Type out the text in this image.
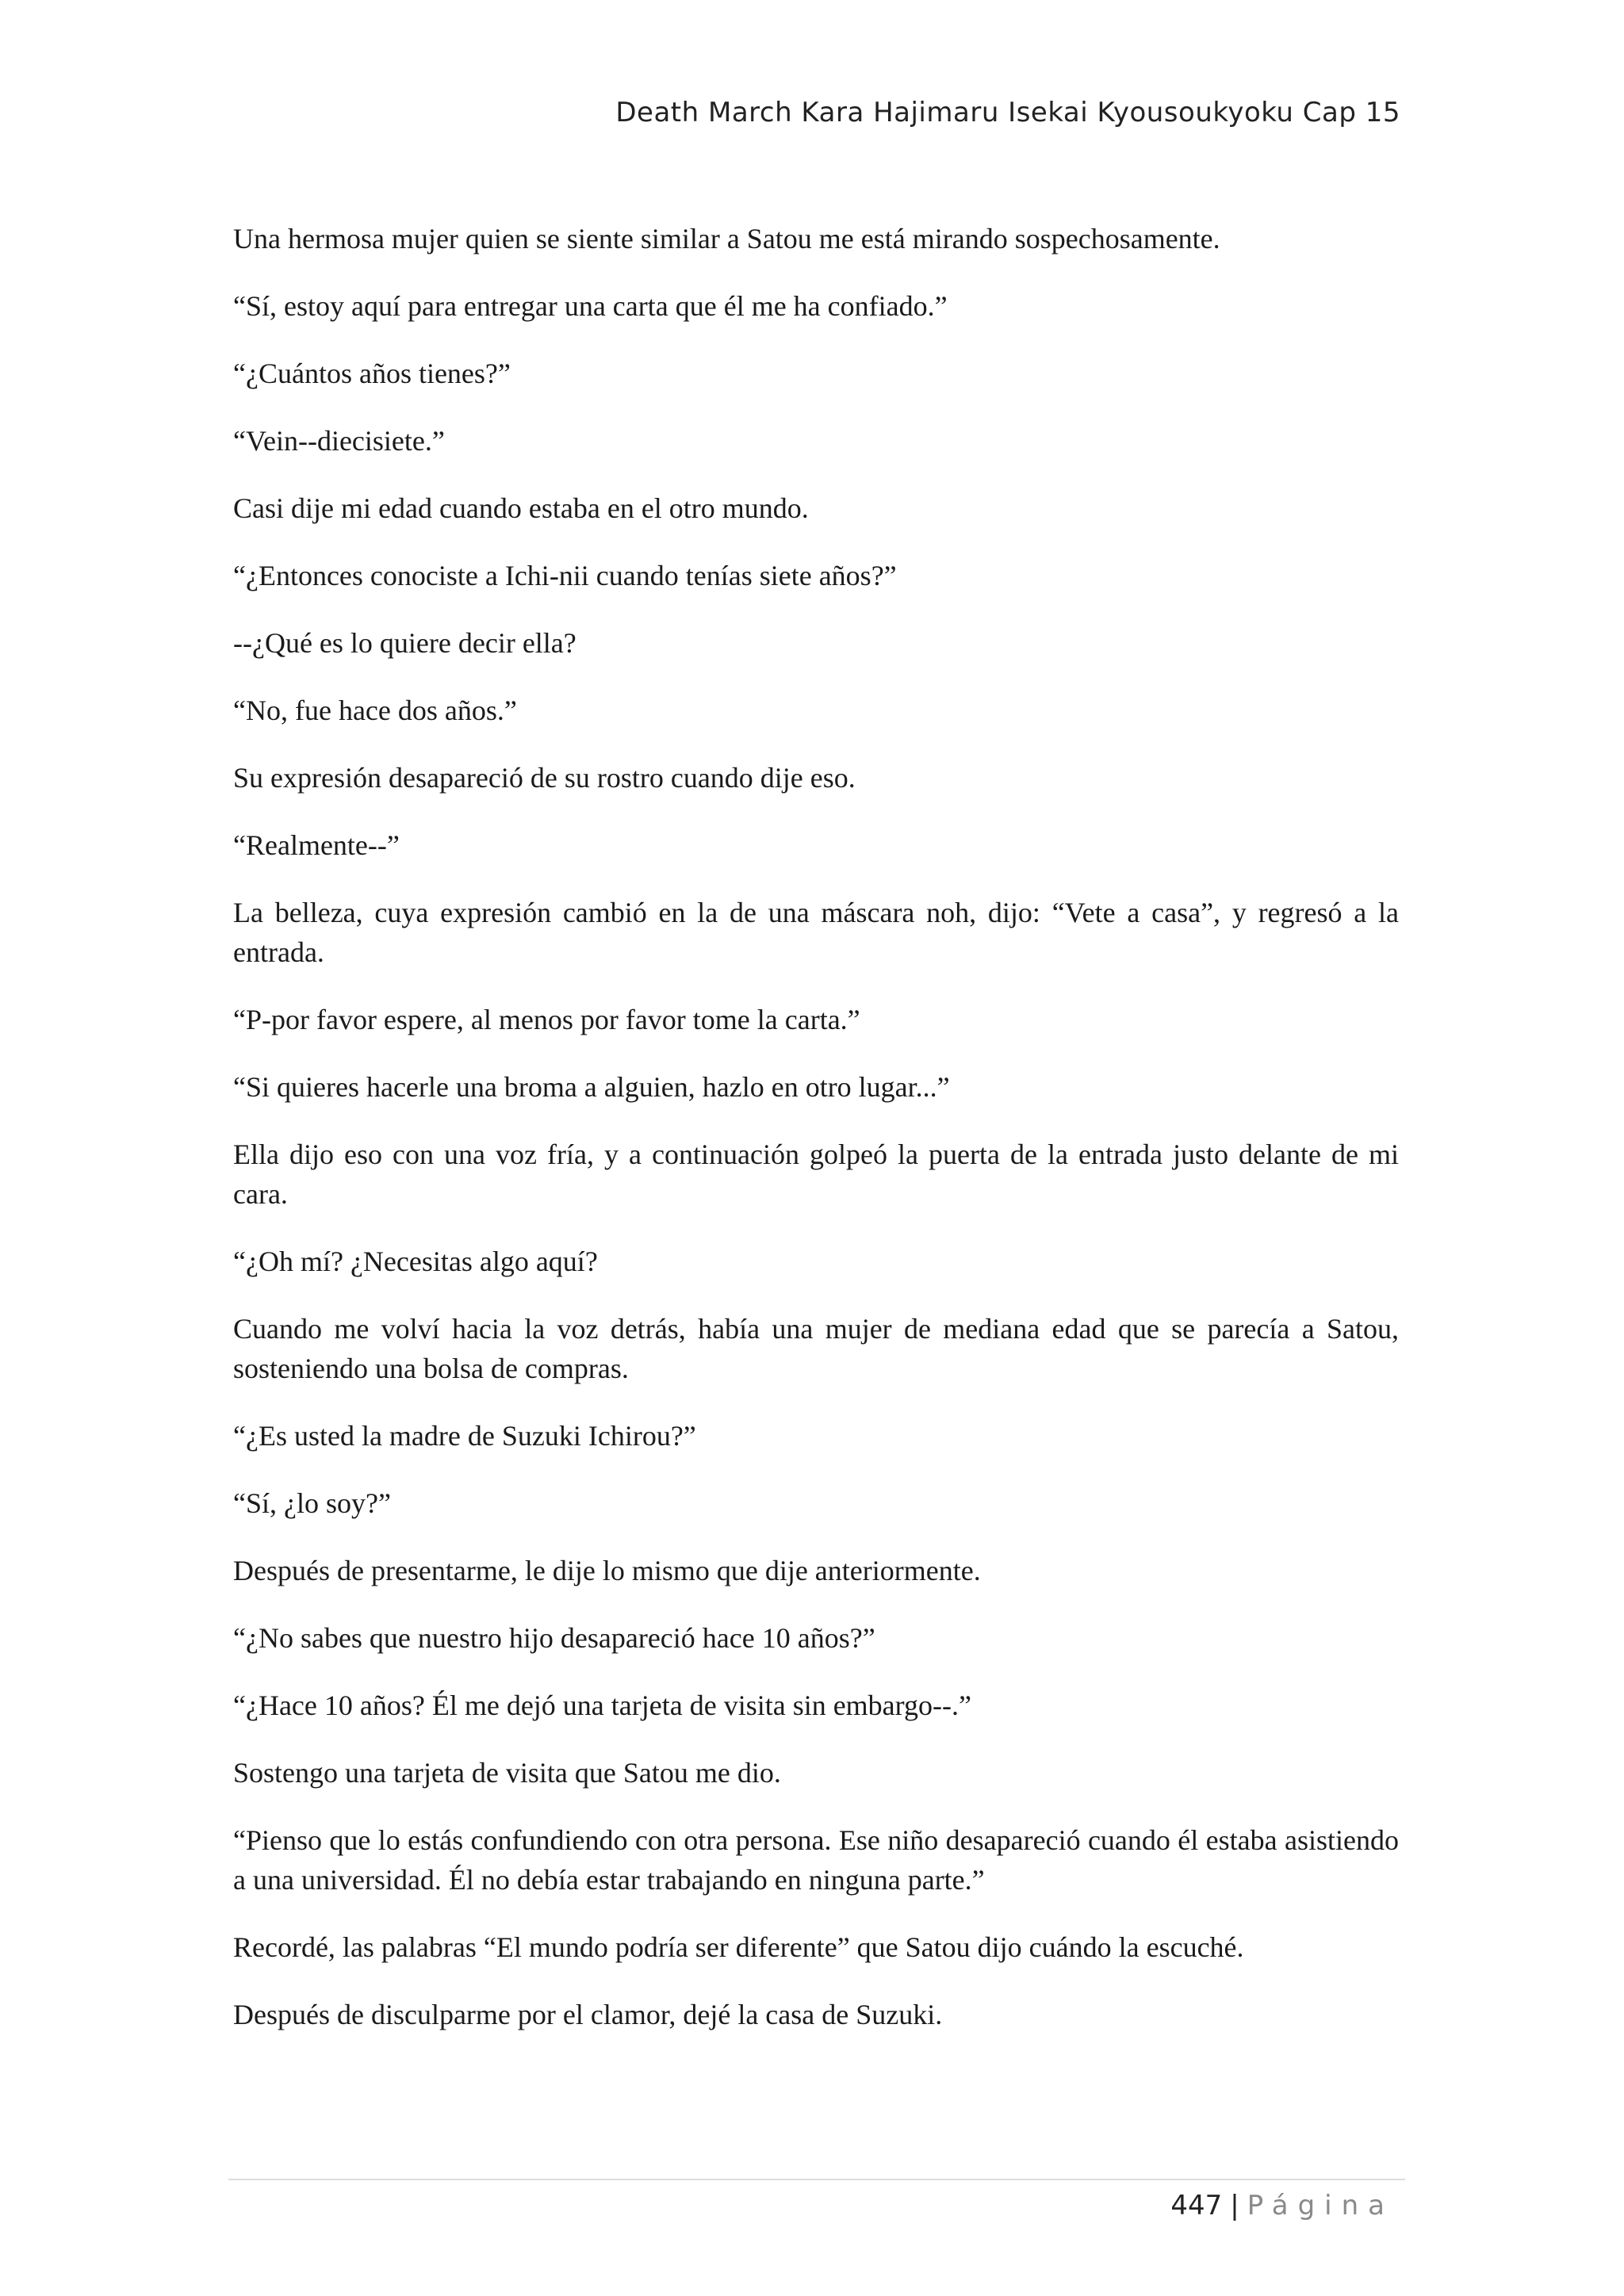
Death March Kara Hajimaru Isekai Kyousoukyoku Cap 15

Una hermosa mujer quien se siente similar a Satou me está mirando sospechosamente.

“Sí, estoy aquí para entregar una carta que él me ha confiado.”

“¿Cuántos años tienes?”

“Vein--diecisiete.”

Casi dije mi edad cuando estaba en el otro mundo.

“¿Entonces conociste a Ichi-nii cuando tenías siete años?”

--¿Qué es lo quiere decir ella?

“No, fue hace dos años.”

Su expresión desapareció de su rostro cuando dije eso.

“Realmente--”

La belleza, cuya expresión cambió en la de una máscara noh, dijo: “Vete a casa”, y regresó a la entrada.

“P-por favor espere, al menos por favor tome la carta.”

“Si quieres hacerle una broma a alguien, hazlo en otro lugar...”

Ella dijo eso con una voz fría, y a continuación golpeó la puerta de la entrada justo delante de mi cara.

“¿Oh mí? ¿Necesitas algo aquí?

Cuando me volví hacia la voz detrás, había una mujer de mediana edad que se parecía a Satou, sosteniendo una bolsa de compras.

“¿Es usted la madre de Suzuki Ichirou?”

“Sí, ¿lo soy?”

Después de presentarme, le dije lo mismo que dije anteriormente.

“¿No sabes que nuestro hijo desapareció hace 10 años?”

“¿Hace 10 años? Él me dejó una tarjeta de visita sin embargo--.”

Sostengo una tarjeta de visita que Satou me dio.

“Pienso que lo estás confundiendo con otra persona. Ese niño desapareció cuando él estaba asistiendo a una universidad. Él no debía estar trabajando en ninguna parte.”

Recordé, las palabras “El mundo podría ser diferente” que Satou dijo cuándo la escuché.

Después de disculparme por el clamor, dejé la casa de Suzuki.

447 | Página
